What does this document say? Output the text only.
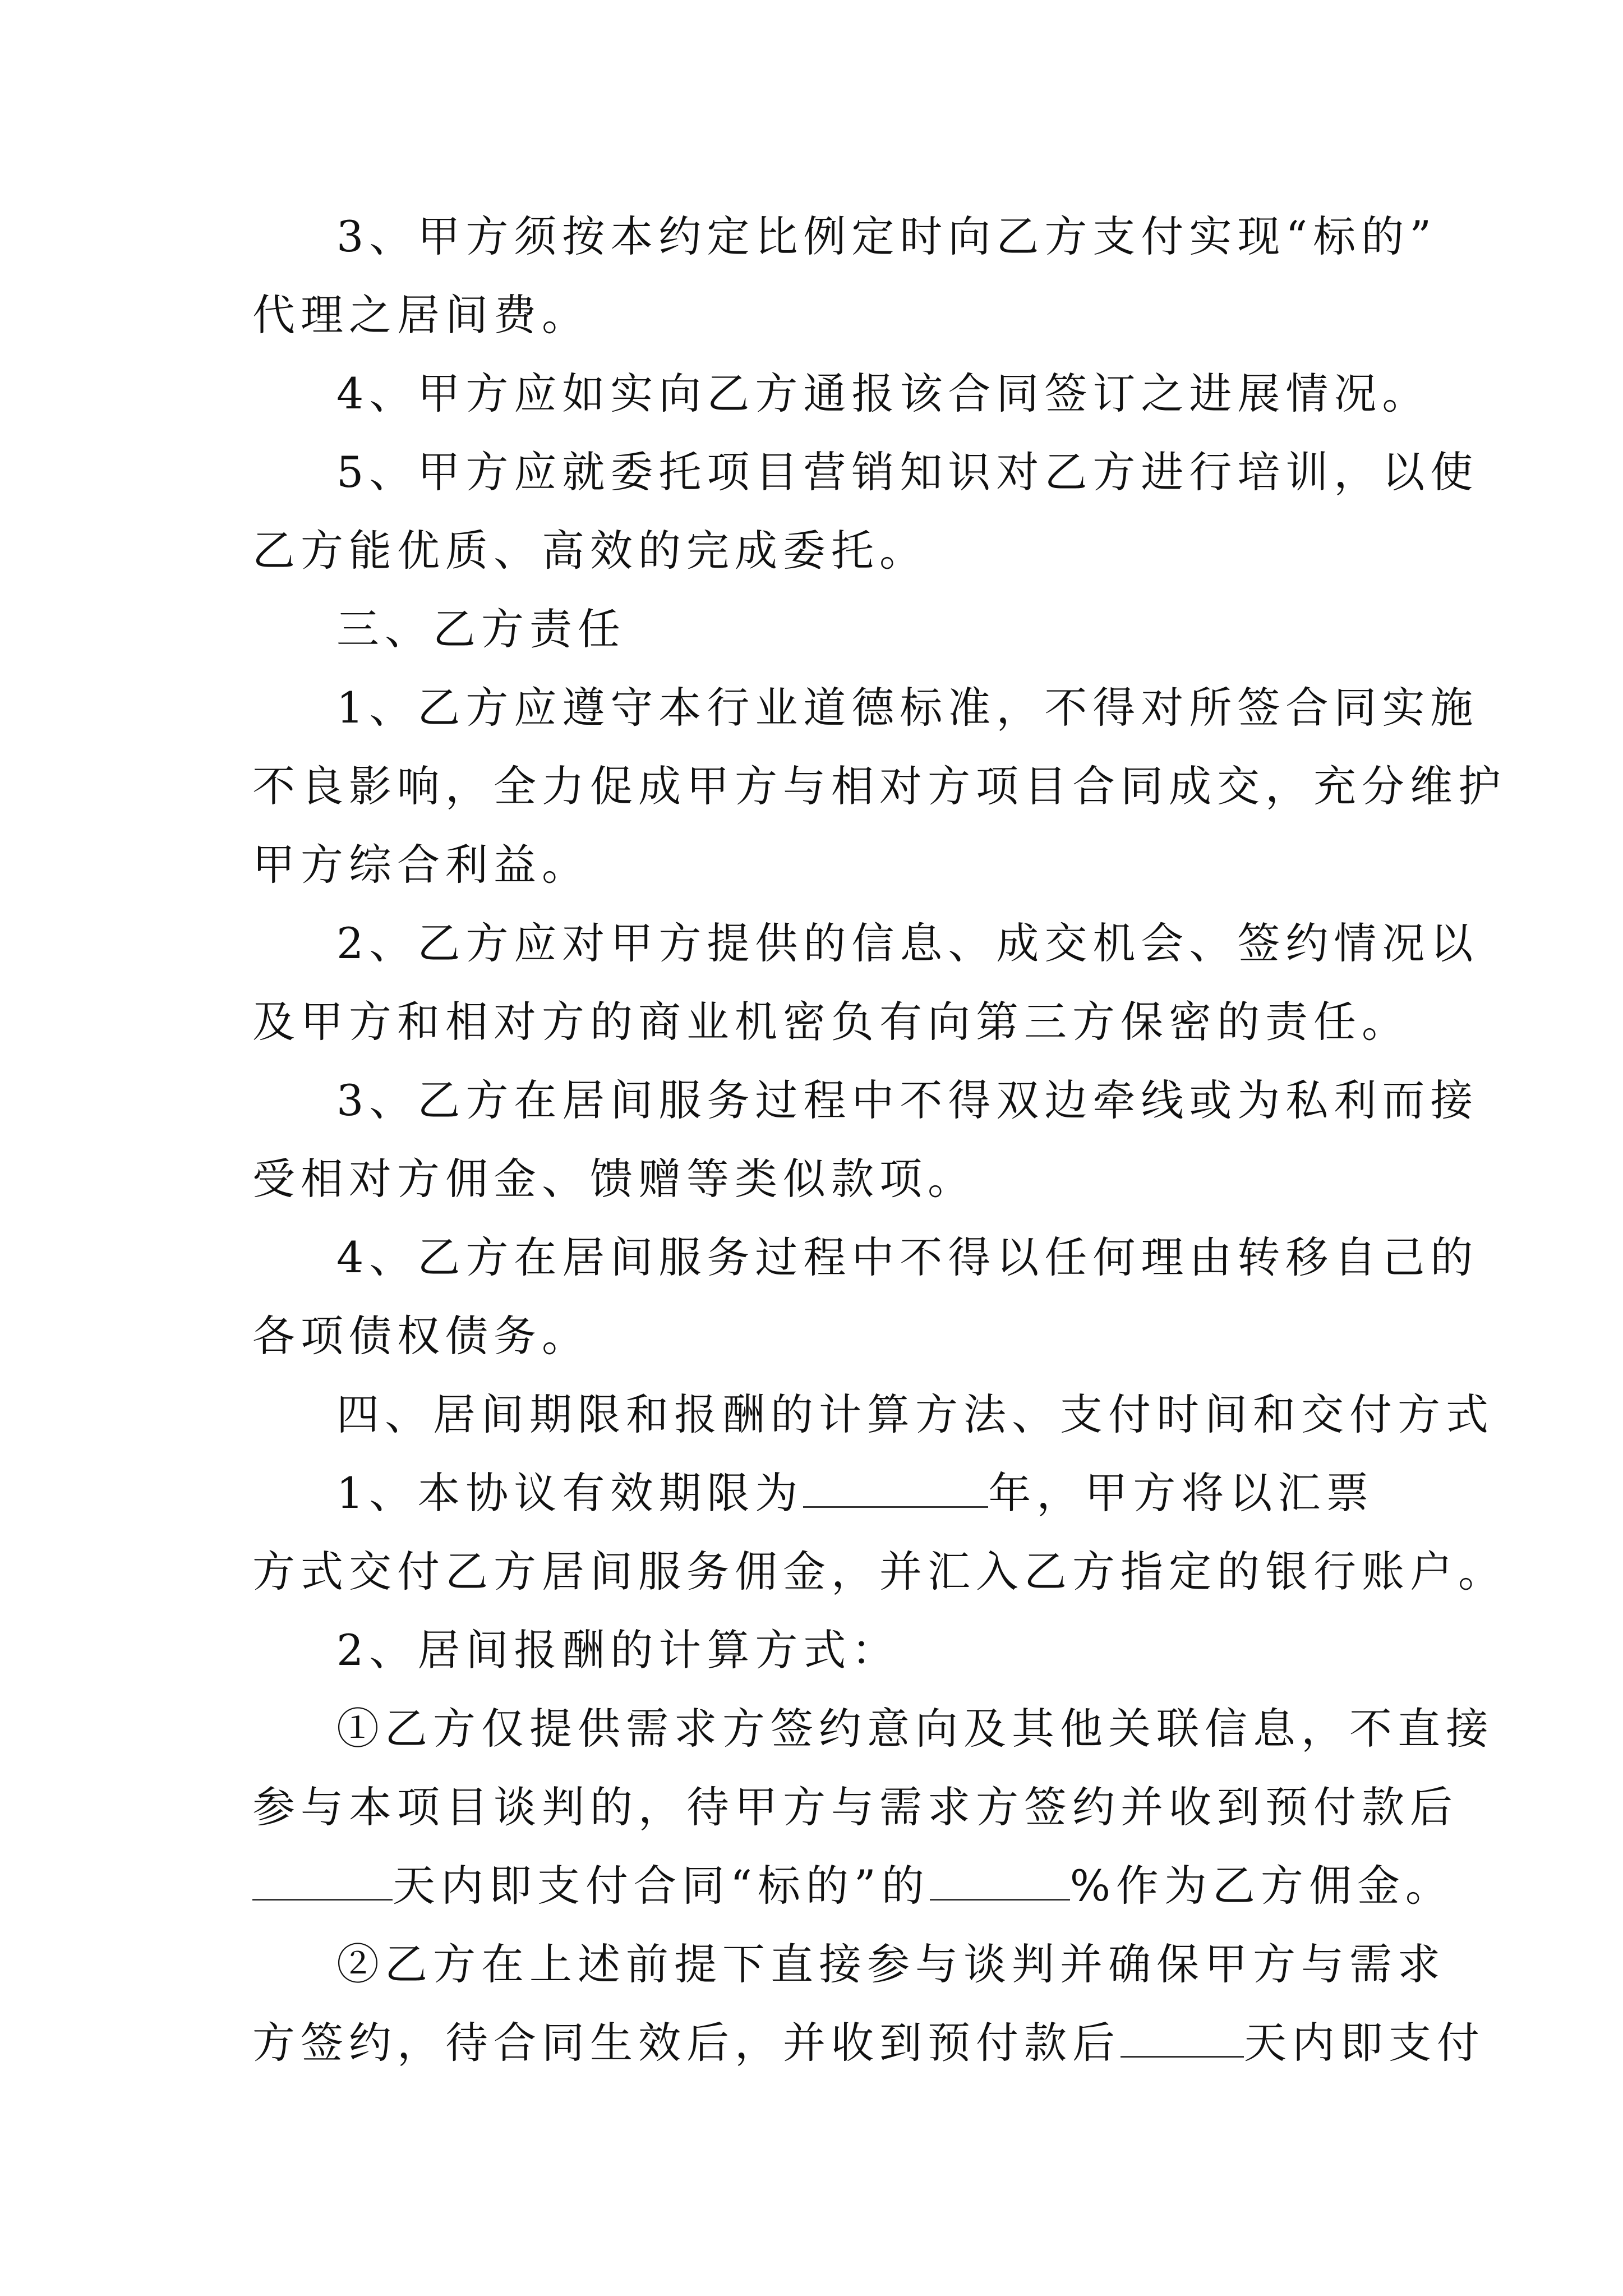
3、甲方须按本约定比例定时向乙方支付实现“标的”
代理之居间费。
4、甲方应如实向乙方通报该合同签订之进展情况。
5、甲方应就委托项目营销知识对乙方进行培训，以使
乙方能优质、高效的完成委托。
三、乙方责任
1、乙方应遵守本行业道德标准，不得对所签合同实施
不良影响，全力促成甲方与相对方项目合同成交，充分维护
甲方综合利益。
2、乙方应对甲方提供的信息、成交机会、签约情况以
及甲方和相对方的商业机密负有向第三方保密的责任。
3、乙方在居间服务过程中不得双边牵线或为私利而接
受相对方佣金、馈赠等类似款项。
4、乙方在居间服务过程中不得以任何理由转移自己的
各项债权债务。
四、居间期限和报酬的计算方法、支付时间和交付方式
1、本协议有效期限为	年，甲方将以汇票
方式交付乙方居间服务佣金，并汇入乙方指定的银行账户。
2、居间报酬的计算方式：
①乙方仅提供需求方签约意向及其他关联信息，不直接
参与本项目谈判的，待甲方与需求方签约并收到预付款后
天内即支付合同“标的”的	%作为乙方佣金。
②乙方在上述前提下直接参与谈判并确保甲方与需求
方签约，待合同生效后，并收到预付款后	天内即支付
